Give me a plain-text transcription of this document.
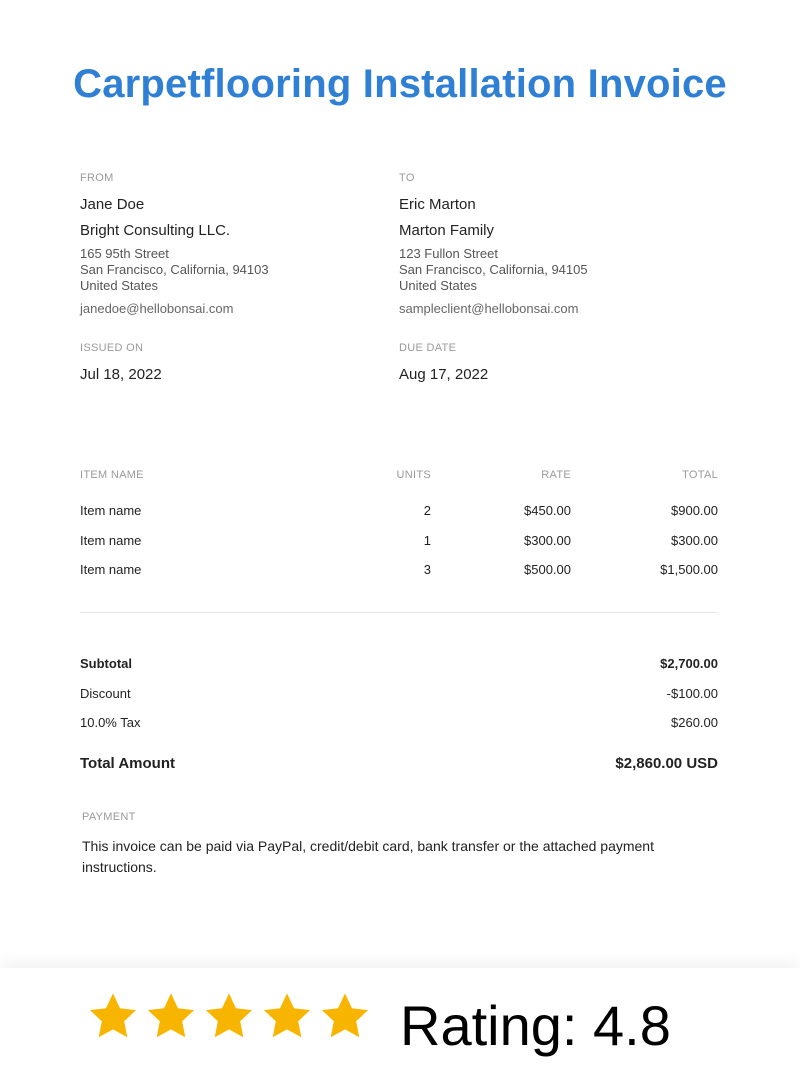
Carpetflooring Installation Invoice
FROM
Jane Doe
Bright Consulting LLC.
165 95th Street
San Francisco, California, 94103
United States
janedoe@hellobonsai.com
TO
Eric Marton
Marton Family
123 Fullon Street
San Francisco, California, 94105
United States
sampleclient@hellobonsai.com
ISSUED ON
Jul 18, 2022
DUE DATE
Aug 17, 2022
ITEM NAME	UNITS	RATE	TOTAL
Item name	2	$450.00	$900.00
Item name	1	$300.00	$300.00
Item name	3	$500.00	$1,500.00
Subtotal	$2,700.00
Discount	-$100.00
10.0% Tax	$260.00
Total Amount	$2,860.00 USD
PAYMENT
This invoice can be paid via PayPal, credit/debit card, bank transfer or the attached payment instructions.
Rating: 4.8
